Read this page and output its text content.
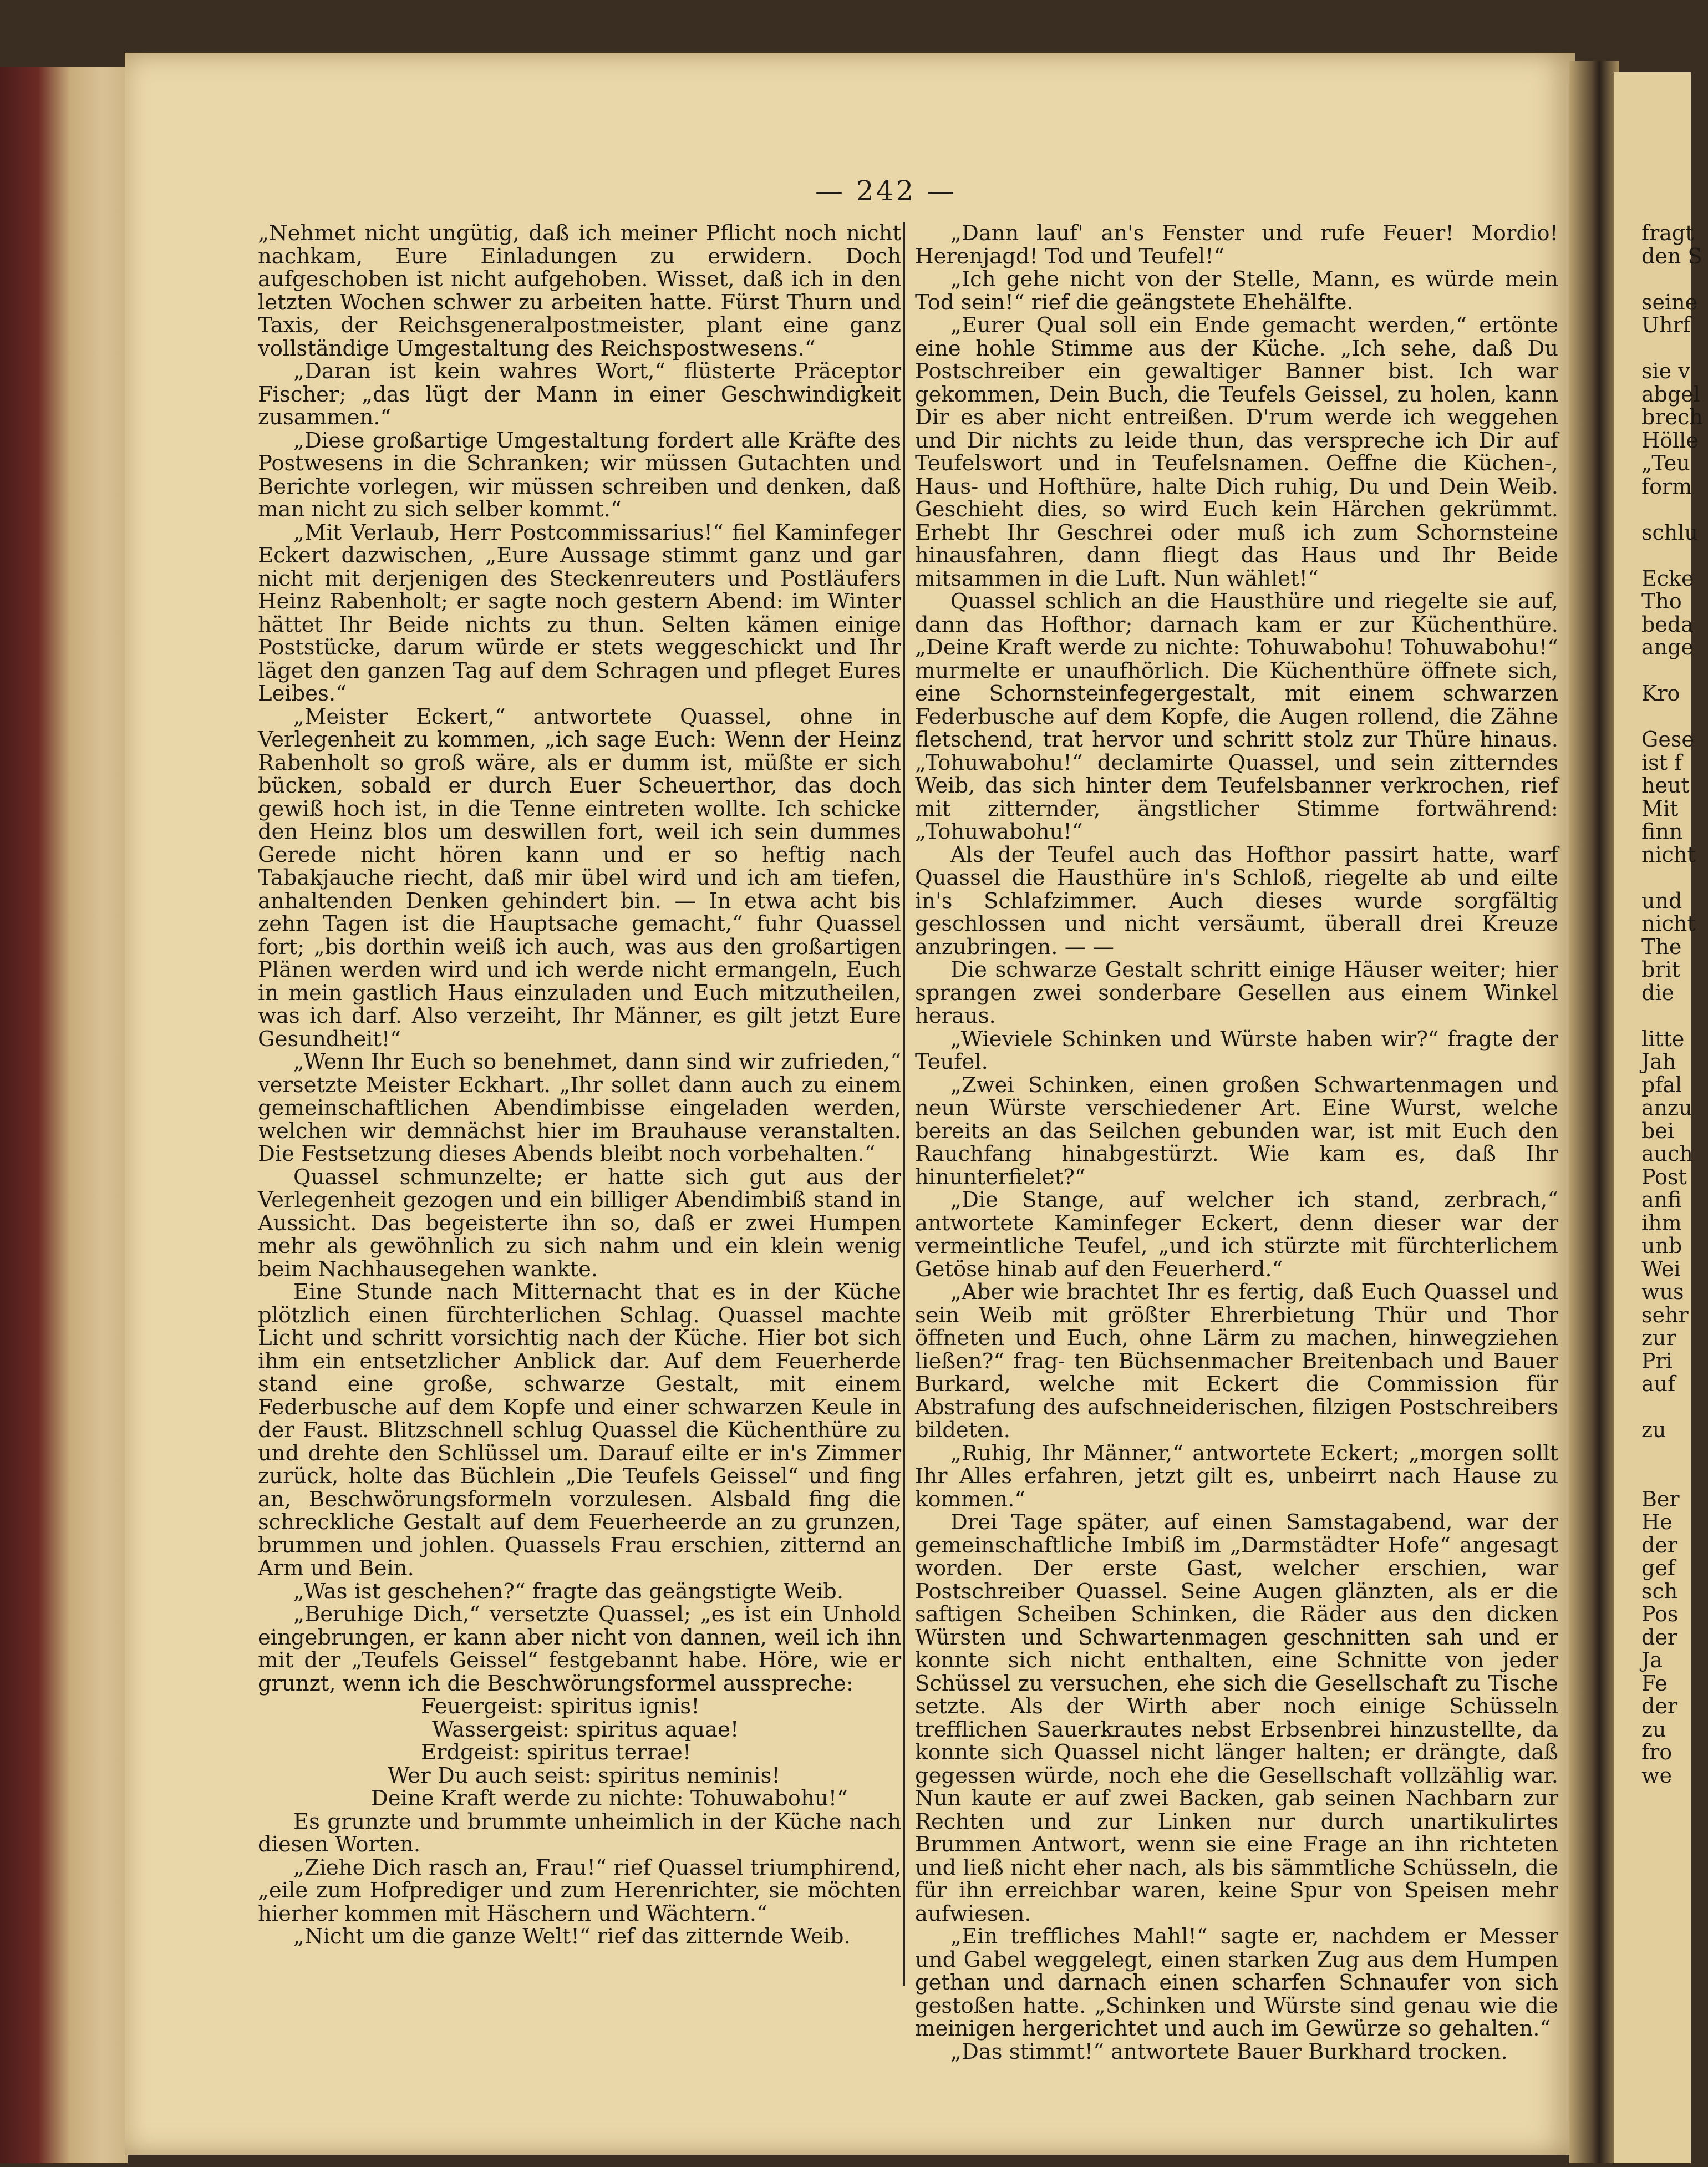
— 242 —

„Nehmet nicht ungütig, daß ich meiner Pflicht noch nicht nachkam, Eure Einladungen zu erwidern. Doch aufgeschoben ist nicht aufgehoben. Wisset, daß ich in den letzten Wochen schwer zu arbeiten hatte. Fürst Thurn und Taxis, der Reichsgeneralpostmeister, plant eine ganz vollständige Umgestaltung des Reichspostwesens.“

„Daran ist kein wahres Wort,“ flüsterte Präceptor Fischer; „das lügt der Mann in einer Geschwindigkeit zusammen.“

„Diese großartige Umgestaltung fordert alle Kräfte des Postwesens in die Schranken; wir müssen Gutachten und Berichte vorlegen, wir müssen schreiben und denken, daß man nicht zu sich selber kommt.“

„Mit Verlaub, Herr Postcommissarius!“ fiel Kaminfeger Eckert dazwischen, „Eure Aussage stimmt ganz und gar nicht mit derjenigen des Steckenreuters und Postläufers Heinz Rabenholt; er sagte noch gestern Abend: im Winter hättet Ihr Beide nichts zu thun. Selten kämen einige Poststücke, darum würde er stets weggeschickt und Ihr läget den ganzen Tag auf dem Schragen und pfleget Eures Leibes.“

„Meister Eckert,“ antwortete Quassel, ohne in Verlegenheit zu kommen, „ich sage Euch: Wenn der Heinz Rabenholt so groß wäre, als er dumm ist, müßte er sich bücken, sobald er durch Euer Scheuerthor, das doch gewiß hoch ist, in die Tenne eintreten wollte. Ich schicke den Heinz blos um deswillen fort, weil ich sein dummes Gerede nicht hören kann und er so heftig nach Tabakjauche riecht, daß mir übel wird und ich am tiefen, anhaltenden Denken gehindert bin. — In etwa acht bis zehn Tagen ist die Hauptsache gemacht,“ fuhr Quassel fort; „bis dorthin weiß ich auch, was aus den großartigen Plänen werden wird und ich werde nicht ermangeln, Euch in mein gastlich Haus einzuladen und Euch mitzutheilen, was ich darf. Also verzeiht, Ihr Männer, es gilt jetzt Eure Gesundheit!“

„Wenn Ihr Euch so benehmet, dann sind wir zufrieden,“ versetzte Meister Eckhart. „Ihr sollet dann auch zu einem gemeinschaftlichen Abendimbisse eingeladen werden, welchen wir demnächst hier im Brauhause veranstalten. Die Festsetzung dieses Abends bleibt noch vorbehalten.“

Quassel schmunzelte; er hatte sich gut aus der Verlegenheit gezogen und ein billiger Abendimbiß stand in Aussicht. Das begeisterte ihn so, daß er zwei Humpen mehr als gewöhnlich zu sich nahm und ein klein wenig beim Nachhausegehen wankte.

Eine Stunde nach Mitternacht that es in der Küche plötzlich einen fürchterlichen Schlag. Quassel machte Licht und schritt vorsichtig nach der Küche. Hier bot sich ihm ein entsetzlicher Anblick dar. Auf dem Feuerherde stand eine große, schwarze Gestalt, mit einem Federbusche auf dem Kopfe und einer schwarzen Keule in der Faust. Blitzschnell schlug Quassel die Küchenthüre zu und drehte den Schlüssel um. Darauf eilte er in's Zimmer zurück, holte das Büchlein „Die Teufels Geissel“ und fing an, Beschwörungsformeln vorzulesen. Alsbald fing die schreckliche Gestalt auf dem Feuerheerde an zu grunzen, brummen und johlen. Quassels Frau erschien, zitternd an Arm und Bein.

„Was ist geschehen?“ fragte das geängstigte Weib.

„Beruhige Dich,“ versetzte Quassel; „es ist ein Unhold eingebrungen, er kann aber nicht von dannen, weil ich ihn mit der „Teufels Geissel“ festgebannt habe. Höre, wie er grunzt, wenn ich die Beschwörungsformel ausspreche:

Feuergeist: spiritus ignis!

Wassergeist: spiritus aquae!

Erdgeist: spiritus terrae!

Wer Du auch seist: spiritus neminis!

Deine Kraft werde zu nichte: Tohuwabohu!“

Es grunzte und brummte unheimlich in der Küche nach diesen Worten.

„Ziehe Dich rasch an, Frau!“ rief Quassel triumphirend, „eile zum Hofprediger und zum Herenrichter, sie möchten hierher kommen mit Häschern und Wächtern.“

„Nicht um die ganze Welt!“ rief das zitternde Weib.

„Dann lauf' an's Fenster und rufe Feuer! Mordio! Herenjagd! Tod und Teufel!“

„Ich gehe nicht von der Stelle, Mann, es würde mein Tod sein!“ rief die geängstete Ehehälfte.

„Eurer Qual soll ein Ende gemacht werden,“ ertönte eine hohle Stimme aus der Küche. „Ich sehe, daß Du Postschreiber ein gewaltiger Banner bist. Ich war gekommen, Dein Buch, die Teufels Geissel, zu holen, kann Dir es aber nicht entreißen. D'rum werde ich weggehen und Dir nichts zu leide thun, das verspreche ich Dir auf Teufelswort und in Teufelsnamen. Oeffne die Küchen-, Haus- und Hofthüre, halte Dich ruhig, Du und Dein Weib. Geschieht dies, so wird Euch kein Härchen gekrümmt. Erhebt Ihr Geschrei oder muß ich zum Schornsteine hinausfahren, dann fliegt das Haus und Ihr Beide mitsammen in die Luft. Nun wählet!“

Quassel schlich an die Hausthüre und riegelte sie auf, dann das Hofthor; darnach kam er zur Küchenthüre. „Deine Kraft werde zu nichte: Tohuwabohu! Tohuwabohu!“ murmelte er unaufhörlich. Die Küchenthüre öffnete sich, eine Schornsteinfegergestalt, mit einem schwarzen Federbusche auf dem Kopfe, die Augen rollend, die Zähne fletschend, trat hervor und schritt stolz zur Thüre hinaus. „Tohuwabohu!“ declamirte Quassel, und sein zitterndes Weib, das sich hinter dem Teufelsbanner verkrochen, rief mit zitternder, ängstlicher Stimme fortwährend: „Tohuwabohu!“

Als der Teufel auch das Hofthor passirt hatte, warf Quassel die Hausthüre in's Schloß, riegelte ab und eilte in's Schlafzimmer. Auch dieses wurde sorgfältig geschlossen und nicht versäumt, überall drei Kreuze anzubringen. — —

Die schwarze Gestalt schritt einige Häuser weiter; hier sprangen zwei sonderbare Gesellen aus einem Winkel heraus.

„Wieviele Schinken und Würste haben wir?“ fragte der Teufel.

„Zwei Schinken, einen großen Schwartenmagen und neun Würste verschiedener Art. Eine Wurst, welche bereits an das Seilchen gebunden war, ist mit Euch den Rauchfang hinabgestürzt. Wie kam es, daß Ihr hinunterfielet?“

„Die Stange, auf welcher ich stand, zerbrach,“ antwortete Kaminfeger Eckert, denn dieser war der vermeintliche Teufel, „und ich stürzte mit fürchterlichem Getöse hinab auf den Feuerherd.“

„Aber wie brachtet Ihr es fertig, daß Euch Quassel und sein Weib mit größter Ehrerbietung Thür und Thor öffneten und Euch, ohne Lärm zu machen, hinwegziehen ließen?“ frag- ten Büchsenmacher Breitenbach und Bauer Burkard, welche mit Eckert die Commission für Abstrafung des aufschneiderischen, filzigen Postschreibers bildeten.

„Ruhig, Ihr Männer,“ antwortete Eckert; „morgen sollt Ihr Alles erfahren, jetzt gilt es, unbeirrt nach Hause zu kommen.“

Drei Tage später, auf einen Samstagabend, war der gemeinschaftliche Imbiß im „Darmstädter Hofe“ angesagt worden. Der erste Gast, welcher erschien, war Postschreiber Quassel. Seine Augen glänzten, als er die saftigen Scheiben Schinken, die Räder aus den dicken Würsten und Schwartenmagen geschnitten sah und er konnte sich nicht enthalten, eine Schnitte von jeder Schüssel zu versuchen, ehe sich die Gesellschaft zu Tische setzte. Als der Wirth aber noch einige Schüsseln trefflichen Sauerkrautes nebst Erbsenbrei hinzustellte, da konnte sich Quassel nicht länger halten; er drängte, daß gegessen würde, noch ehe die Gesellschaft vollzählig war. Nun kaute er auf zwei Backen, gab seinen Nachbarn zur Rechten und zur Linken nur durch unartikulirtes Brummen Antwort, wenn sie eine Frage an ihn richteten und ließ nicht eher nach, als bis sämmtliche Schüsseln, die für ihn erreichbar waren, keine Spur von Speisen mehr aufwiesen.

„Ein treffliches Mahl!“ sagte er, nachdem er Messer und Gabel weggelegt, einen starken Zug aus dem Humpen gethan und darnach einen scharfen Schnaufer von sich gestoßen hatte. „Schinken und Würste sind genau wie die meinigen hergerichtet und auch im Gewürze so gehalten.“

„Das stimmt!“ antwortete Bauer Burkhard trocken.

fragt
den S
seine
Uhrf
sie v
abgel
brech
Hölle
„Teu
form
schlu
Ecke
Tho
beda
ange
Kro
Gese
ist f
heut
Mit
finn
nicht
und
nicht
The
brit
die
litte
Jah
pfal
anzu
bei
auch
Post
anfi
ihm
unb
Wei
wus
sehr
zur
Pri
auf
zu
Ber
He
der
gef
sch
Pos
der
Ja
Fe
der
zu
fro
we
